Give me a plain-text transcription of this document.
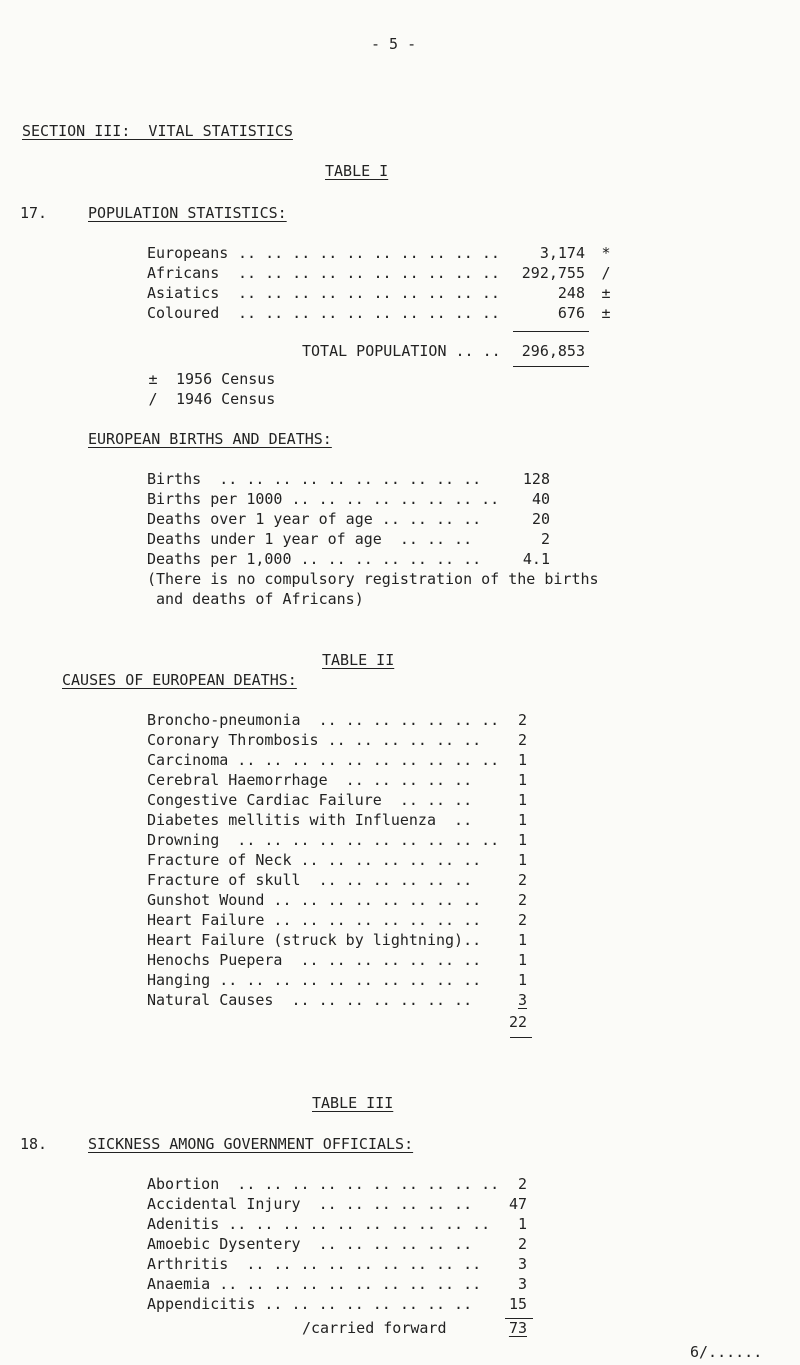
- 5 -
SECTION III:  VITAL STATISTICS
TABLE I
17.	POPULATION STATISTICS:
Europeans .. .. .. .. .. .. .. .. .. ..	3,174 *
Africans .. .. .. .. .. .. .. .. .. ..	292,755 /
Asiatics .. .. .. .. .. .. .. .. .. ..	248 ±
Coloured .. .. .. .. .. .. .. .. .. ..	676 ±
TOTAL POPULATION .. ..	296,853
± 1956 Census
/ 1946 Census
EUROPEAN BIRTHS AND DEATHS:
Births  .. .. .. .. .. .. .. .. .. ..	128
Births per 1000 .. .. .. .. .. .. .. ..	40
Deaths over 1 year of age .. .. .. ..	20
Deaths under 1 year of age  .. .. ..	2
Deaths per 1,000 .. .. .. .. .. .. ..	4.1
(There is no compulsory registration of the births
and deaths of Africans)
TABLE II
CAUSES OF EUROPEAN DEATHS:
Broncho-pneumonia  .. .. .. .. .. .. ..	2
Coronary Thrombosis .. .. .. .. .. ..	2
Carcinoma .. .. .. .. .. .. .. .. .. ..	1
Cerebral Haemorrhage  .. .. .. .. ..	1
Congestive Cardiac Failure  .. .. ..	1
Diabetes mellitis with Influenza  ..	1
Drowning  .. .. .. .. .. .. .. .. .. ..	1
Fracture of Neck .. .. .. .. .. .. ..	1
Fracture of skull  .. .. .. .. .. ..	2
Gunshot Wound .. .. .. .. .. .. .. ..	2
Heart Failure .. .. .. .. .. .. .. ..	2
Heart Failure (struck by lightning)..	1
Henochs Puepera  .. .. .. .. .. .. ..	1
Hanging .. .. .. .. .. .. .. .. .. ..	1
Natural Causes  .. .. .. .. .. .. ..	3
22
TABLE III
18.	SICKNESS AMONG GOVERNMENT OFFICIALS:
Abortion  .. .. .. .. .. .. .. .. .. ..	2
Accidental Injury  .. .. .. .. .. ..	47
Adenitis .. .. .. .. .. .. .. .. .. ..	1
Amoebic Dysentery  .. .. .. .. .. ..	2
Arthritis  .. .. .. .. .. .. .. .. ..	3
Anaemia .. .. .. .. .. .. .. .. .. ..	3
Appendicitis .. .. .. .. .. .. .. ..	15
/carried forward	73
6/......
